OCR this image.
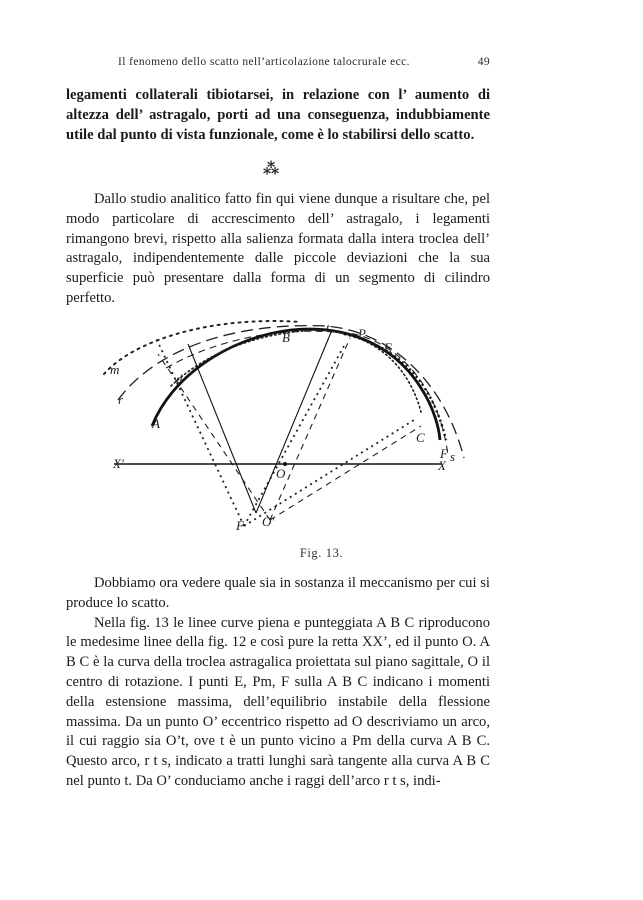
Il fenomeno dello scatto nell’articolazione talocrurale ecc.	49

legamenti collaterali tibiotarsei, in relazione con l’ aumento di altezza dell’ astragalo, porti ad una conseguenza, indubbiamente utile dal punto di vista funzionale, come è lo stabilirsi dello scatto.

⁂

Dallo studio analitico fatto fin qui viene dunque a risultare che, pel modo particolare di accrescimento dell’ astragalo, i legamenti rimangono brevi, rispetto alla salienza formata dalla intera troclea dell’ astragalo, indipendentemente dalle piccole deviazioni che la sua superficie può presentare dalla forma di un segmento di cilindro perfetto.

A
B
t P
E
C
F s
m
r
d
X'	X
O
O'
F
Fig. 13.

Dobbiamo ora vedere quale sia in sostanza il meccanismo per cui si produce lo scatto.

Nella fig. 13 le linee curve piena e punteggiata A B C riproducono le medesime linee della fig. 12 e così pure la retta XX’, ed il punto O. A B C è la curva della troclea astragalica proiettata sul piano sagittale, O il centro di rotazione. I punti E, Pm, F sulla A B C indicano i momenti della estensione massima, dell’equilibrio instabile della flessione massima. Da un punto O’ eccentrico rispetto ad O descriviamo un arco, il cui raggio sia O’t, ove t è un punto vicino a Pm della curva A B C. Questo arco, r t s, indicato a tratti lunghi sarà tangente alla curva A B C nel punto t. Da O’ conduciamo anche i raggi dell’arco r t s, indi-
